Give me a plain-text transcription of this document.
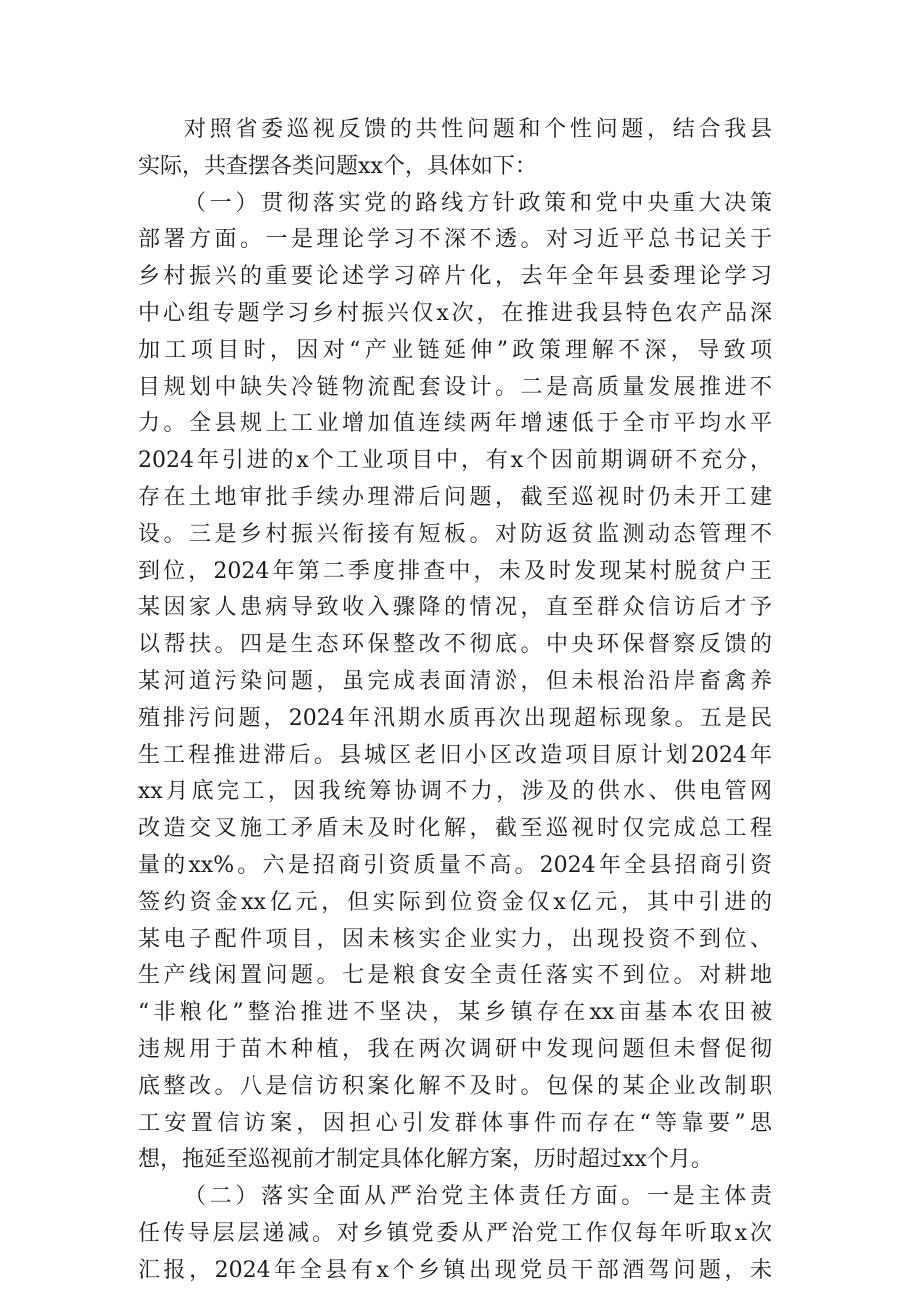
对照省委巡视反馈的共性问题和个性问题，结合我县
实际，共查摆各类问题xx个，具体如下：
（一）贯彻落实党的路线方针政策和党中央重大决策
部署方面。一是理论学习不深不透。对习近平总书记关于
乡村振兴的重要论述学习碎片化，去年全年县委理论学习
中心组专题学习乡村振兴仅x次，在推进我县特色农产品深
加工项目时，因对“产业链延伸”政策理解不深，导致项
目规划中缺失冷链物流配套设计。二是高质量发展推进不
力。全县规上工业增加值连续两年增速低于全市平均水平
2024年引进的x个工业项目中，有x个因前期调研不充分，
存在土地审批手续办理滞后问题，截至巡视时仍未开工建
设。三是乡村振兴衔接有短板。对防返贫监测动态管理不
到位，2024年第二季度排查中，未及时发现某村脱贫户王
某因家人患病导致收入骤降的情况，直至群众信访后才予
以帮扶。四是生态环保整改不彻底。中央环保督察反馈的
某河道污染问题，虽完成表面清淤，但未根治沿岸畜禽养
殖排污问题，2024年汛期水质再次出现超标现象。五是民
生工程推进滞后。县城区老旧小区改造项目原计划2024年
xx月底完工，因我统筹协调不力，涉及的供水、供电管网
改造交叉施工矛盾未及时化解，截至巡视时仅完成总工程
量的xx%。六是招商引资质量不高。2024年全县招商引资
签约资金xx亿元，但实际到位资金仅x亿元，其中引进的
某电子配件项目，因未核实企业实力，出现投资不到位、
生产线闲置问题。七是粮食安全责任落实不到位。对耕地
“非粮化”整治推进不坚决，某乡镇存在xx亩基本农田被
违规用于苗木种植，我在两次调研中发现问题但未督促彻
底整改。八是信访积案化解不及时。包保的某企业改制职
工安置信访案，因担心引发群体事件而存在“等靠要”思
想，拖延至巡视前才制定具体化解方案，历时超过xx个月。
（二）落实全面从严治党主体责任方面。一是主体责
任传导层层递减。对乡镇党委从严治党工作仅每年听取x次
汇报，2024年全县有x个乡镇出现党员干部酒驾问题，未
